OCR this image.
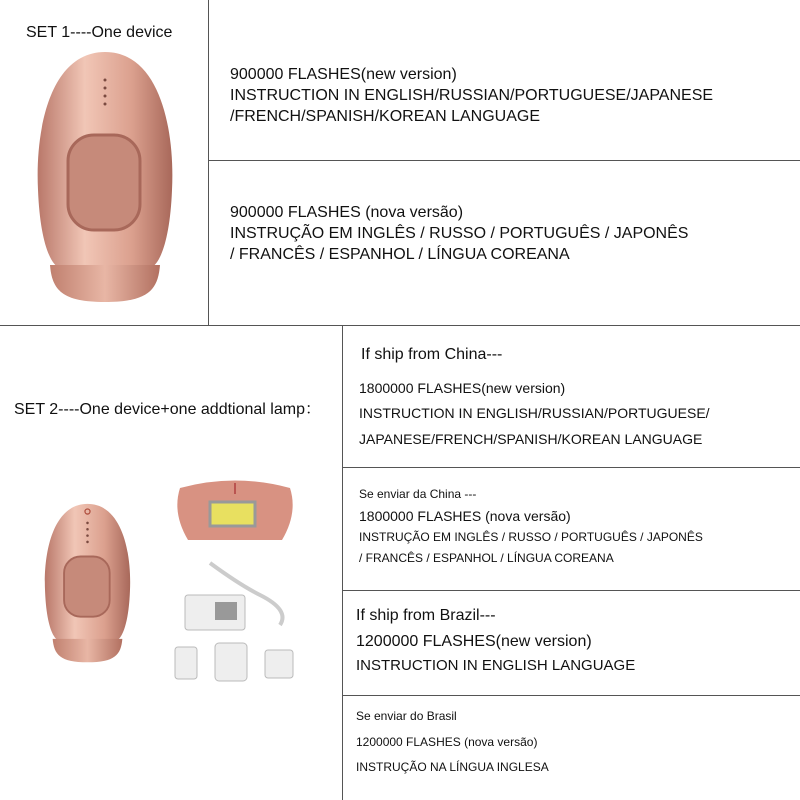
SET 1----One device
900000 FLASHES(new version)
INSTRUCTION IN ENGLISH/RUSSIAN/PORTUGUESE/JAPANESE
/FRENCH/SPANISH/KOREAN LANGUAGE
900000 FLASHES (nova versão)
INSTRUÇÃO EM INGLÊS / RUSSO / PORTUGUÊS / JAPONÊS
/ FRANCÊS / ESPANHOL / LÍNGUA COREANA
SET 2----One device+one addtional lamp：
If ship from China---
1800000 FLASHES(new version)
INSTRUCTION IN ENGLISH/RUSSIAN/PORTUGUESE/
JAPANESE/FRENCH/SPANISH/KOREAN LANGUAGE
Se enviar da China ---
1800000 FLASHES (nova versão)
INSTRUÇÃO EM INGLÊS / RUSSO / PORTUGUÊS / JAPONÊS
/ FRANCÊS / ESPANHOL / LÍNGUA COREANA
If ship from Brazil---
1200000 FLASHES(new version)
INSTRUCTION IN ENGLISH LANGUAGE
Se enviar do Brasil
1200000 FLASHES (nova versão)
INSTRUÇÃO NA LÍNGUA INGLESA
